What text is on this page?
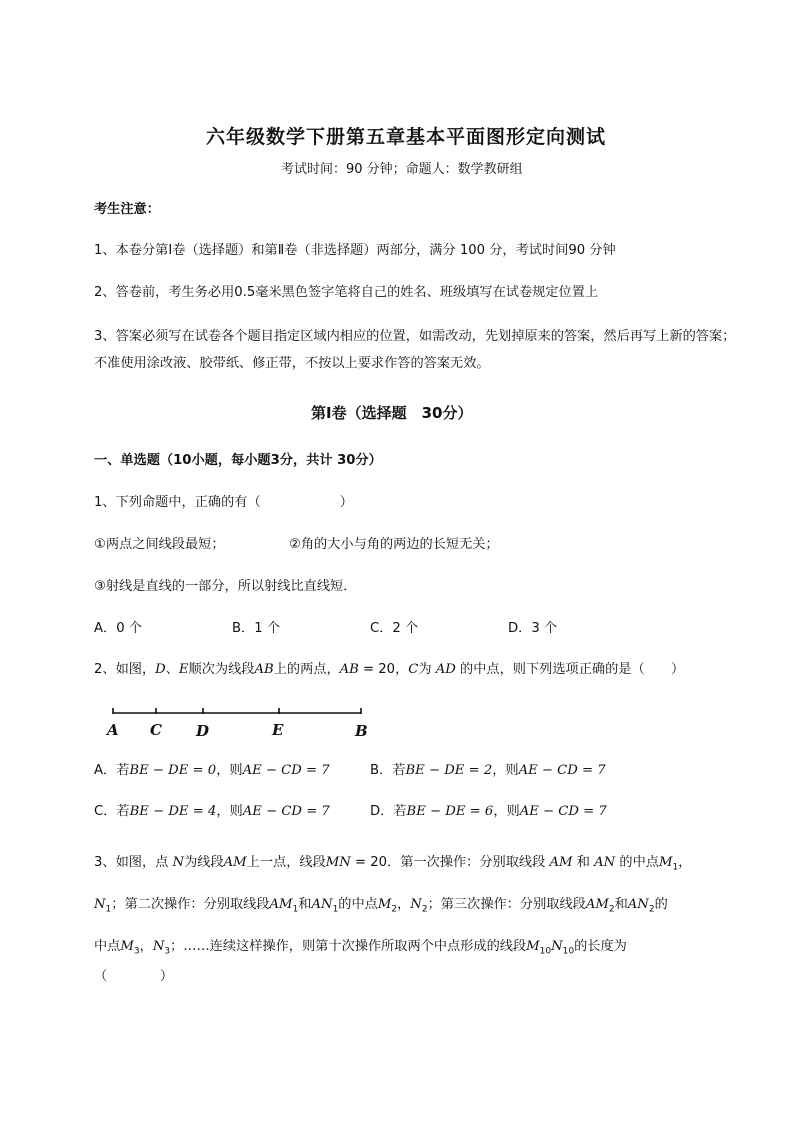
六年级数学下册第五章基本平面图形定向测试
考试时间：90 分钟；命题人：数学教研组
考生注意：
1、本卷分第Ⅰ卷（选择题）和第Ⅱ卷（非选择题）两部分，满分 100 分，考试时间90 分钟
2、答卷前，考生务必用0.5毫米黑色签字笔将自己的姓名、班级填写在试卷规定位置上
3、答案必须写在试卷各个题目指定区域内相应的位置，如需改动，先划掉原来的答案，然后再写上新的答案；不准使用涂改液、胶带纸、修正带，不按以上要求作答的答案无效。
第Ⅰ卷（选择题　30分）
一、单选题（10小题，每小题3分，共计 30分）
1、下列命题中，正确的有（　　　　　　）
①两点之间线段最短；	②角的大小与角的两边的长短无关；
③射线是直线的一部分，所以射线比直线短．
A．0 个	B．1 个	C．2 个	D．3 个
2、如图，D、E顺次为线段AB上的两点，AB = 20，C为 AD 的中点，则下列选项正确的是（　　）
A C D	E	B
A．若BE − DE = 0，则AE − CD = 7	B．若BE − DE = 2，则AE − CD = 7
C．若BE − DE = 4，则AE − CD = 7	D．若BE − DE = 6，则AE − CD = 7
3、如图，点 N为线段AM上一点，线段MN = 20．第一次操作：分别取线段 AM 和 AN 的中点$M_1$，
$N_1$；第二次操作：分别取线段$AM_1$和$AN_1$的中点$M_2$，$N_2$；第三次操作：分别取线段$AM_2$和$AN_2$的
中点$M_3$，$N_3$；……连续这样操作，则第十次操作所取两个中点形成的线段$M_{10}N_{10}$的长度为
（　　　　）
